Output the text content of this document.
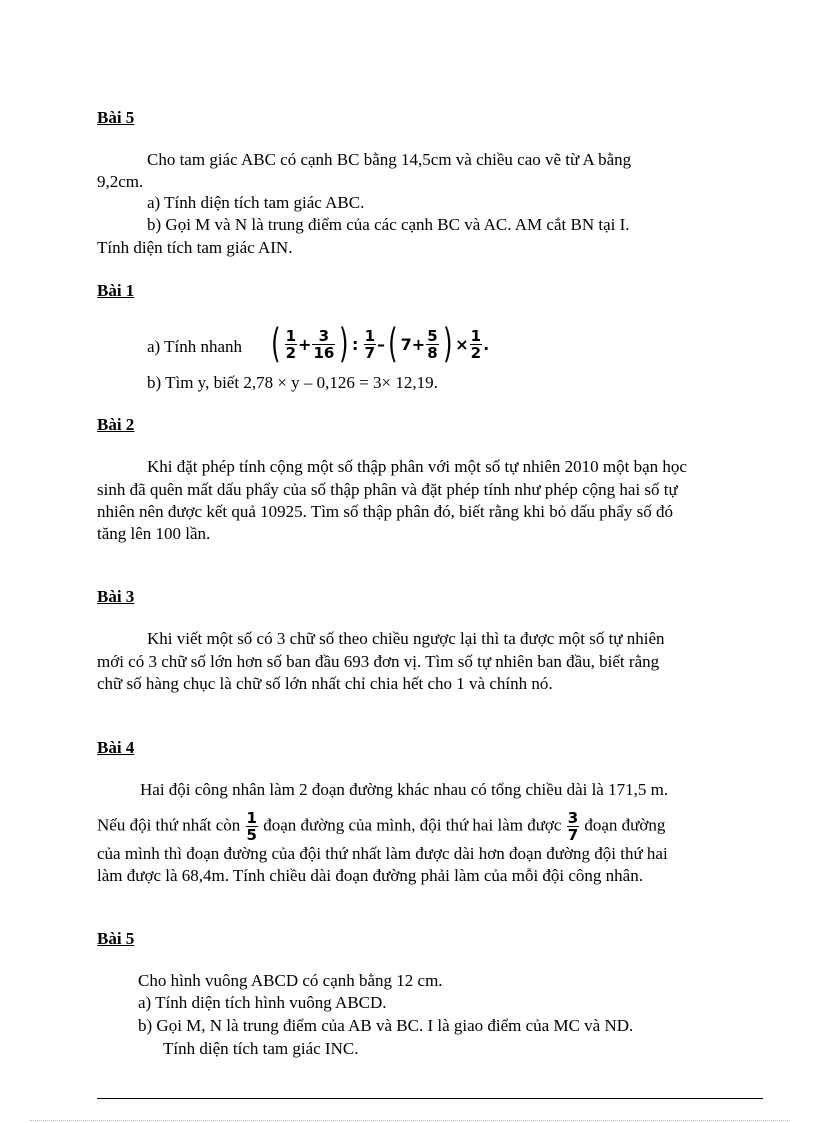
Bài 5
Cho tam giác ABC có cạnh BC bằng 14,5cm và chiều cao vẽ từ A bằng
9,2cm.
a) Tính diện tích tam giác ABC.
b) Gọi M và N là trung điểm của các cạnh BC và AC. AM cắt BN tại I.
Tính diện tích tam giác AIN.
Bài 1
a) Tính nhanh ( $\frac{1}{2} + \frac{3}{16}$ ) : $\frac{1}{7}$ –( $7+ \frac{5}{8}$ ) × $\frac{1}{2}$ .
b) Tìm y, biết 2,78 × y – 0,126 = 3× 12,19.
Bài 2
Khi đặt phép tính cộng một số thập phân với một số tự nhiên 2010 một bạn học
sinh đã quên mất dấu phẩy của số thập phân và đặt phép tính như phép cộng hai số tự
nhiên nên được kết quả 10925. Tìm số thập phân đó, biết rằng khi bỏ dấu phẩy số đó
tăng lên 100 lần.
Bài 3
Khi viết một số có 3 chữ số theo chiều ngược lại thì ta được một số tự nhiên
mới có 3 chữ số lớn hơn số ban đầu 693 đơn vị. Tìm số tự nhiên ban đầu, biết rằng
chữ số hàng chục là chữ số lớn nhất chỉ chia hết cho 1 và chính nó.
Bài 4
Hai đội công nhân làm 2 đoạn đường khác nhau có tổng chiều dài là 171,5 m.
Nếu đội thứ nhất còn $\frac{1}{5}$ đoạn đường của mình, đội thứ hai làm được $\frac{3}{7}$ đoạn đường
của mình thì đoạn đường của đội thứ nhất làm được dài hơn đoạn đường đội thứ hai
làm được là 68,4m. Tính chiều dài đoạn đường phải làm của mỗi đội công nhân.
Bài 5
Cho hình vuông ABCD có cạnh bằng 12 cm.
a) Tính diện tích hình vuông ABCD.
b) Gọi M, N là trung điểm của AB và BC. I là giao điểm của MC và ND.
Tính diện tích tam giác INC.
